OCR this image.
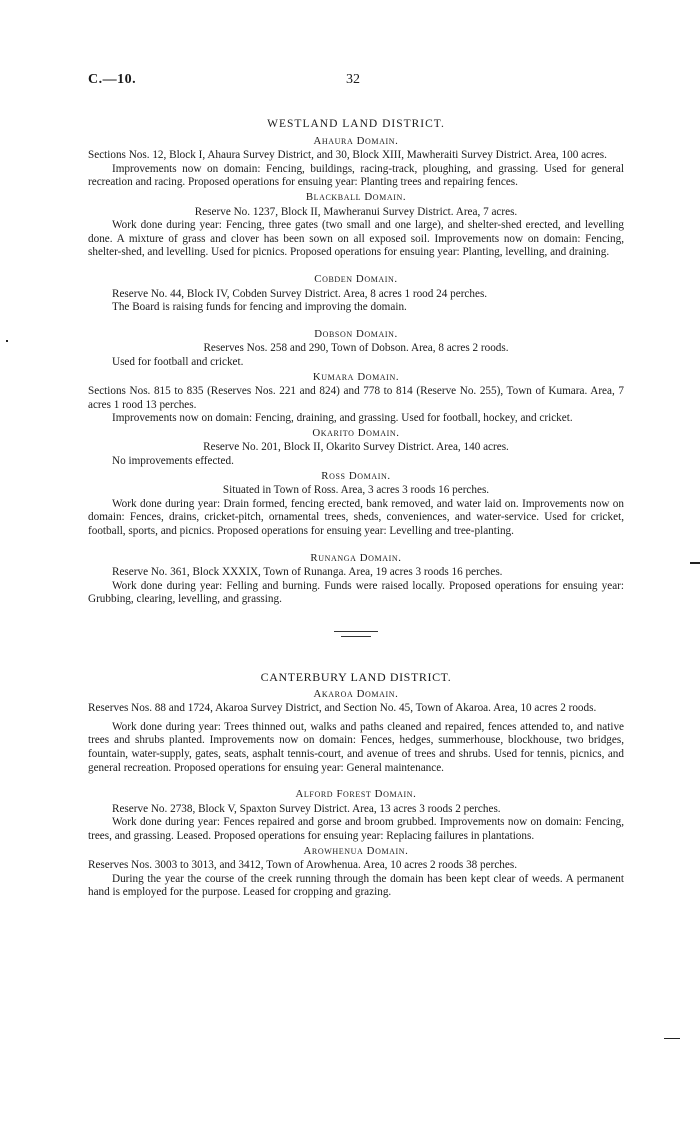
C.—10.	32
WESTLAND LAND DISTRICT.
Ahaura Domain.

Sections Nos. 12, Block I, Ahaura Survey District, and 30, Block XIII, Mawheraiti Survey District. Area, 100 acres.

Improvements now on domain: Fencing, buildings, racing-track, ploughing, and grassing. Used for general recreation and racing. Proposed operations for ensuing year: Planting trees and repairing fences.

Blackball Domain.

Reserve No. 1237, Block II, Mawheranui Survey District. Area, 7 acres.

Work done during year: Fencing, three gates (two small and one large), and shelter-shed erected, and levelling done. A mixture of grass and clover has been sown on all exposed soil. Improvements now on domain: Fencing, shelter-shed, and levelling. Used for picnics. Proposed operations for ensuing year: Planting, levelling, and draining.

Cobden Domain.

Reserve No. 44, Block IV, Cobden Survey District. Area, 8 acres 1 rood 24 perches.

The Board is raising funds for fencing and improving the domain.

Dobson Domain.

Reserves Nos. 258 and 290, Town of Dobson. Area, 8 acres 2 roods.

Used for football and cricket.

Kumara Domain.

Sections Nos. 815 to 835 (Reserves Nos. 221 and 824) and 778 to 814 (Reserve No. 255), Town of Kumara. Area, 7 acres 1 rood 13 perches.

Improvements now on domain: Fencing, draining, and grassing. Used for football, hockey, and cricket.

Okarito Domain.

Reserve No. 201, Block II, Okarito Survey District. Area, 140 acres.

No improvements effected.

Ross Domain.

Situated in Town of Ross. Area, 3 acres 3 roods 16 perches.

Work done during year: Drain formed, fencing erected, bank removed, and water laid on. Improvements now on domain: Fences, drains, cricket-pitch, ornamental trees, sheds, conveniences, and water-service. Used for cricket, football, sports, and picnics. Proposed operations for ensuing year: Levelling and tree-planting.

Runanga Domain.

Reserve No. 361, Block XXXIX, Town of Runanga. Area, 19 acres 3 roods 16 perches.

Work done during year: Felling and burning. Funds were raised locally. Proposed operations for ensuing year: Grubbing, clearing, levelling, and grassing.

CANTERBURY LAND DISTRICT.
Akaroa Domain.

Reserves Nos. 88 and 1724, Akaroa Survey District, and Section No. 45, Town of Akaroa. Area, 10 acres 2 roods.

Work done during year: Trees thinned out, walks and paths cleaned and repaired, fences attended to, and native trees and shrubs planted. Improvements now on domain: Fences, hedges, summerhouse, blockhouse, two bridges, fountain, water-supply, gates, seats, asphalt tennis-court, and avenue of trees and shrubs. Used for tennis, picnics, and general recreation. Proposed operations for ensuing year: General maintenance.

Alford Forest Domain.

Reserve No. 2738, Block V, Spaxton Survey District. Area, 13 acres 3 roods 2 perches.

Work done during year: Fences repaired and gorse and broom grubbed. Improvements now on domain: Fencing, trees, and grassing. Leased. Proposed operations for ensuing year: Replacing failures in plantations.

Arowhenua Domain.

Reserves Nos. 3003 to 3013, and 3412, Town of Arowhenua. Area, 10 acres 2 roods 38 perches.

During the year the course of the creek running through the domain has been kept clear of weeds. A permanent hand is employed for the purpose. Leased for cropping and grazing.
